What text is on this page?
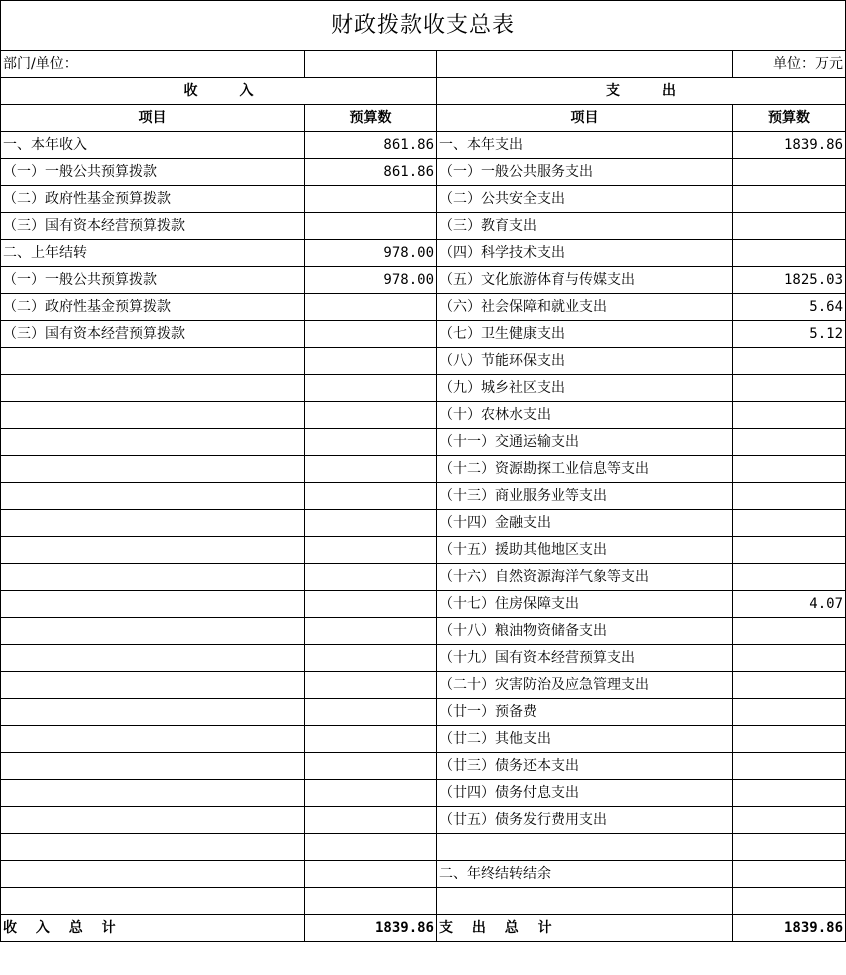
财政拨款收支总表			
部门/单位：			单位：万元
收　　　入		支　　　出	
项目	预算数	项目	预算数
一、本年收入	861.86	一、本年支出	1839.86
（一）一般公共预算拨款	861.86	（一）一般公共服务支出	
（二）政府性基金预算拨款		（二）公共安全支出	
（三）国有资本经营预算拨款		（三）教育支出	
二、上年结转	978.00	（四）科学技术支出	
（一）一般公共预算拨款	978.00	（五）文化旅游体育与传媒支出	1825.03
（二）政府性基金预算拨款		（六）社会保障和就业支出	5.64
（三）国有资本经营预算拨款		（七）卫生健康支出	5.12
		（八）节能环保支出	
		（九）城乡社区支出	
		（十）农林水支出	
		（十一）交通运输支出	
		（十二）资源勘探工业信息等支出	
		（十三）商业服务业等支出	
		（十四）金融支出	
		（十五）援助其他地区支出	
		（十六）自然资源海洋气象等支出	
		（十七）住房保障支出	4.07
		（十八）粮油物资储备支出	
		（十九）国有资本经营预算支出	
		（二十）灾害防治及应急管理支出	
		（廿一）预备费	
		（廿二）其他支出	
		（廿三）债务还本支出	
		（廿四）债务付息支出	
		（廿五）债务发行费用支出	

		二、年终结转结余	

收　 入　 总　 计	1839.86	支　 出　 总　 计	1839.86
